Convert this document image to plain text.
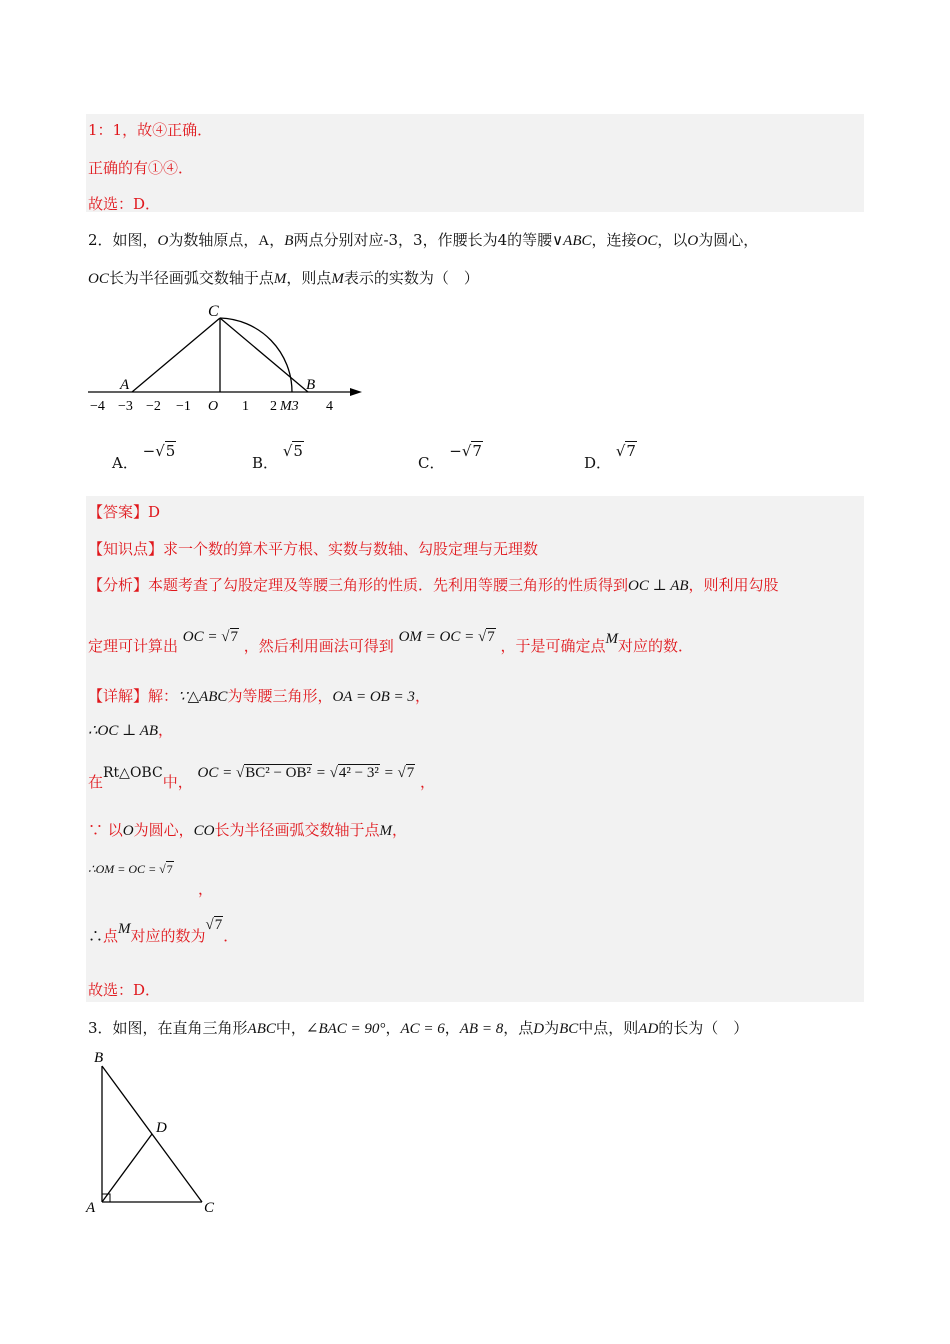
1：1，故④正确．
正确的有①④．
故选：D．
2．如图，O为数轴原点，A，B两点分别对应-3，3，作腰长为4的等腰∨ABC，连接OC，以O为圆心，
OC长为半径画弧交数轴于点M，则点M表示的实数为（　）
C
A	B
−4 −3 −2 −1 O 1 2 M3 4
A． −√5
B． √5
C． −√7
D． √7
【答案】D
【知识点】求一个数的算术平方根、实数与数轴、勾股定理与无理数
【分析】本题考查了勾股定理及等腰三角形的性质．先利用等腰三角形的性质得到OC ⊥ AB，则利用勾股
定理可计算出 OC = √7 ，然后利用画法可得到 OM = OC = √7 ，于是可确定点M对应的数．
【详解】解：∵△ABC为等腰三角形，OA = OB = 3，
∴OC ⊥ AB，
在Rt△OBC中， OC = √BC² − OB² = √4² − 3² = √7 ，
∵ 以O为圆心，CO长为半径画弧交数轴于点M，
∴OM = OC = √7
，
∴点M对应的数为√7．
故选：D．
3．如图，在直角三角形ABC中，∠BAC = 90°，AC = 6，AB = 8，点D为BC中点，则AD的长为（　）
B
D
A	C
